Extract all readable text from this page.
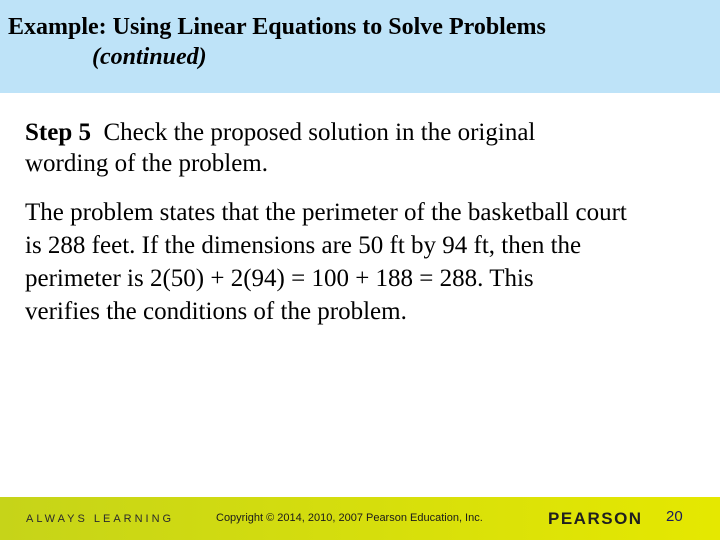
Example: Using Linear Equations to Solve Problems
(continued)
Step 5  Check the proposed solution in the original
wording of the problem.
The problem states that the perimeter of the basketball court
is 288 feet. If the dimensions are 50 ft by 94 ft, then the
perimeter is 2(50) + 2(94) = 100 + 188 = 288. This
verifies the conditions of the problem.
ALWAYS LEARNING	Copyright © 2014, 2010, 2007 Pearson Education, Inc.	PEARSON 20
